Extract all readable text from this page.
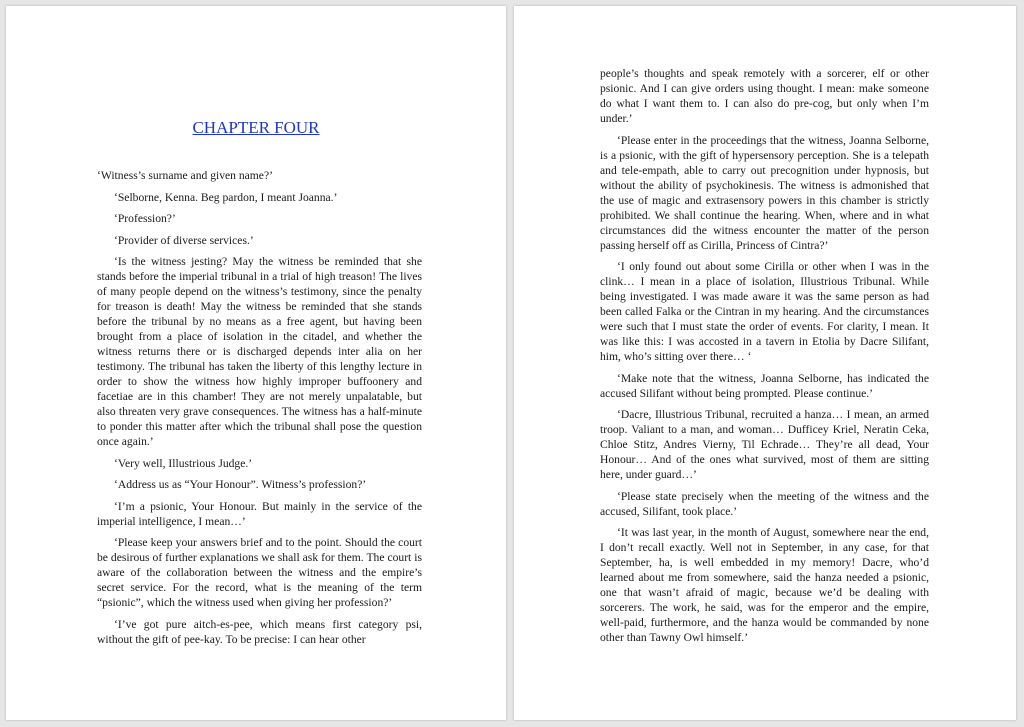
CHAPTER FOUR

‘Witness’s surname and given name?’

‘Selborne, Kenna. Beg pardon, I meant Joanna.’

‘Profession?’

‘Provider of diverse services.’

‘Is the witness jesting? May the witness be reminded that she stands before the imperial tribunal in a trial of high treason! The lives of many people depend on the witness’s testimony, since the penalty for treason is death! May the witness be reminded that she stands before the tribunal by no means as a free agent, but having been brought from a place of isolation in the citadel, and whether the witness returns there or is discharged depends inter alia on her testimony. The tribunal has taken the liberty of this lengthy lecture in order to show the witness how highly improper buffoonery and facetiae are in this chamber! They are not merely unpalatable, but also threaten very grave consequences. The witness has a half-minute to ponder this matter after which the tribunal shall pose the question once again.’

‘Very well, Illustrious Judge.’

‘Address us as “Your Honour”. Witness’s profession?’

‘I’m a psionic, Your Honour. But mainly in the service of the imperial intelligence, I mean…’

‘Please keep your answers brief and to the point. Should the court be desirous of further explanations we shall ask for them. The court is aware of the collaboration between the witness and the empire’s secret service. For the record, what is the meaning of the term “psionic”, which the witness used when giving her profession?’

‘I’ve got pure aitch-es-pee, which means first category psi, without the gift of pee-kay. To be precise: I can hear other

people’s thoughts and speak remotely with a sorcerer, elf or other psionic. And I can give orders using thought. I mean: make someone do what I want them to. I can also do pre-cog, but only when I’m under.’

‘Please enter in the proceedings that the witness, Joanna Selborne, is a psionic, with the gift of hypersensory perception. She is a telepath and tele-empath, able to carry out precognition under hypnosis, but without the ability of psychokinesis. The witness is admonished that the use of magic and extrasensory powers in this chamber is strictly prohibited. We shall continue the hearing. When, where and in what circumstances did the witness encounter the matter of the person passing herself off as Cirilla, Princess of Cintra?’

‘I only found out about some Cirilla or other when I was in the clink… I mean in a place of isolation, Illustrious Tribunal. While being investigated. I was made aware it was the same person as had been called Falka or the Cintran in my hearing. And the circumstances were such that I must state the order of events. For clarity, I mean. It was like this: I was accosted in a tavern in Etolia by Dacre Silifant, him, who’s sitting over there… ‘

‘Make note that the witness, Joanna Selborne, has indicated the accused Silifant without being prompted. Please continue.’

‘Dacre, Illustrious Tribunal, recruited a hanza… I mean, an armed troop. Valiant to a man, and woman… Dufficey Kriel, Neratin Ceka, Chloe Stitz, Andres Vierny, Til Echrade… They’re all dead, Your Honour… And of the ones what survived, most of them are sitting here, under guard…’

‘Please state precisely when the meeting of the witness and the accused, Silifant, took place.’

‘It was last year, in the month of August, somewhere near the end, I don’t recall exactly. Well not in September, in any case, for that September, ha, is well embedded in my memory! Dacre, who’d learned about me from somewhere, said the hanza needed a psionic, one that wasn’t afraid of magic, because we’d be dealing with sorcerers. The work, he said, was for the emperor and the empire, well-paid, furthermore, and the hanza would be commanded by none other than Tawny Owl himself.’
